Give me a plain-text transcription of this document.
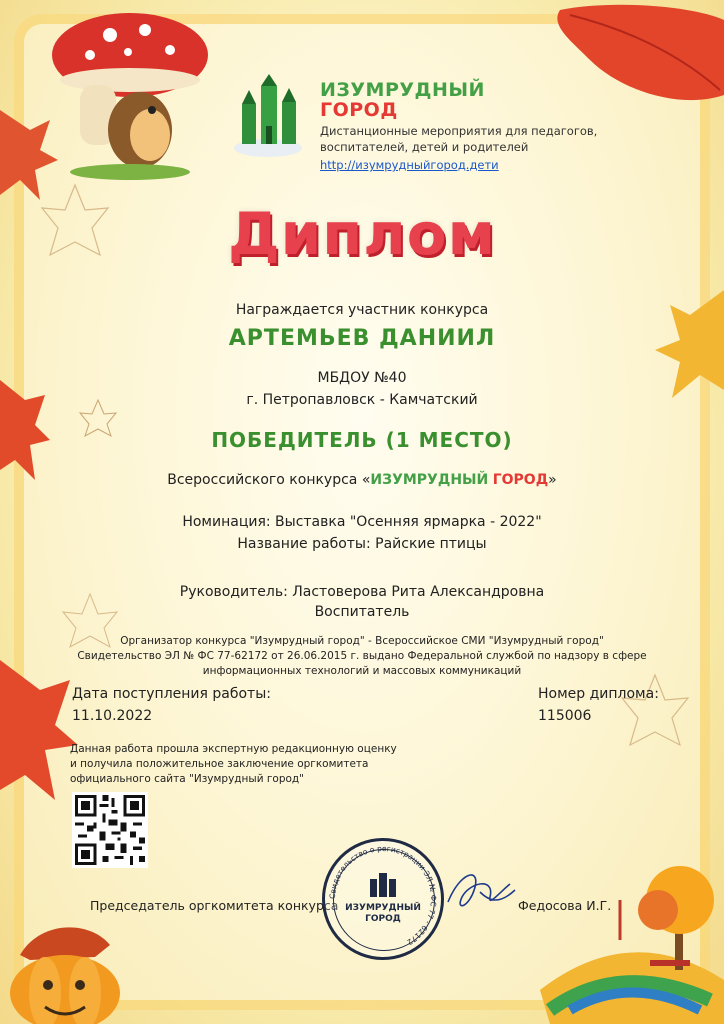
ИЗУМРУДНЫЙ
ГОРОД
Дистанционные мероприятия для педагогов,
воспитателей, детей и родителей
http://изумрудныйгород.дети
Диплом
Награждается участник конкурса
АРТЕМЬЕВ ДАНИИЛ
МБДОУ №40
г. Петропавловск - Камчатский
ПОБЕДИТЕЛЬ (1 МЕСТО)
Всероссийского конкурса «ИЗУМРУДНЫЙ ГОРОД»
Номинация: Выставка "Осенняя ярмарка - 2022"
Название работы: Райские птицы
Руководитель: Ластоверова Рита Александровна
Воспитатель
Организатор конкурса "Изумрудный город" - Всероссийское СМИ "Изумрудный город"
Свидетельство ЭЛ № ФС 77-62172 от 26.06.2015 г. выдано Федеральной службой по надзору в сфере
информационных технологий и массовых коммуникаций
Дата поступления работы:
11.10.2022
Номер диплома:
115006
Данная работа прошла экспертную редакционную оценку
и получила положительное заключение оргкомитета
официального сайта "Изумрудный город"
Председатель оргкомитета конкурса	Федосова И.Г.
Свидетельство о регистрации ЭЛ № ФС 77 - 62172
ИЗУМРУДНЫЙ
ГОРОД
